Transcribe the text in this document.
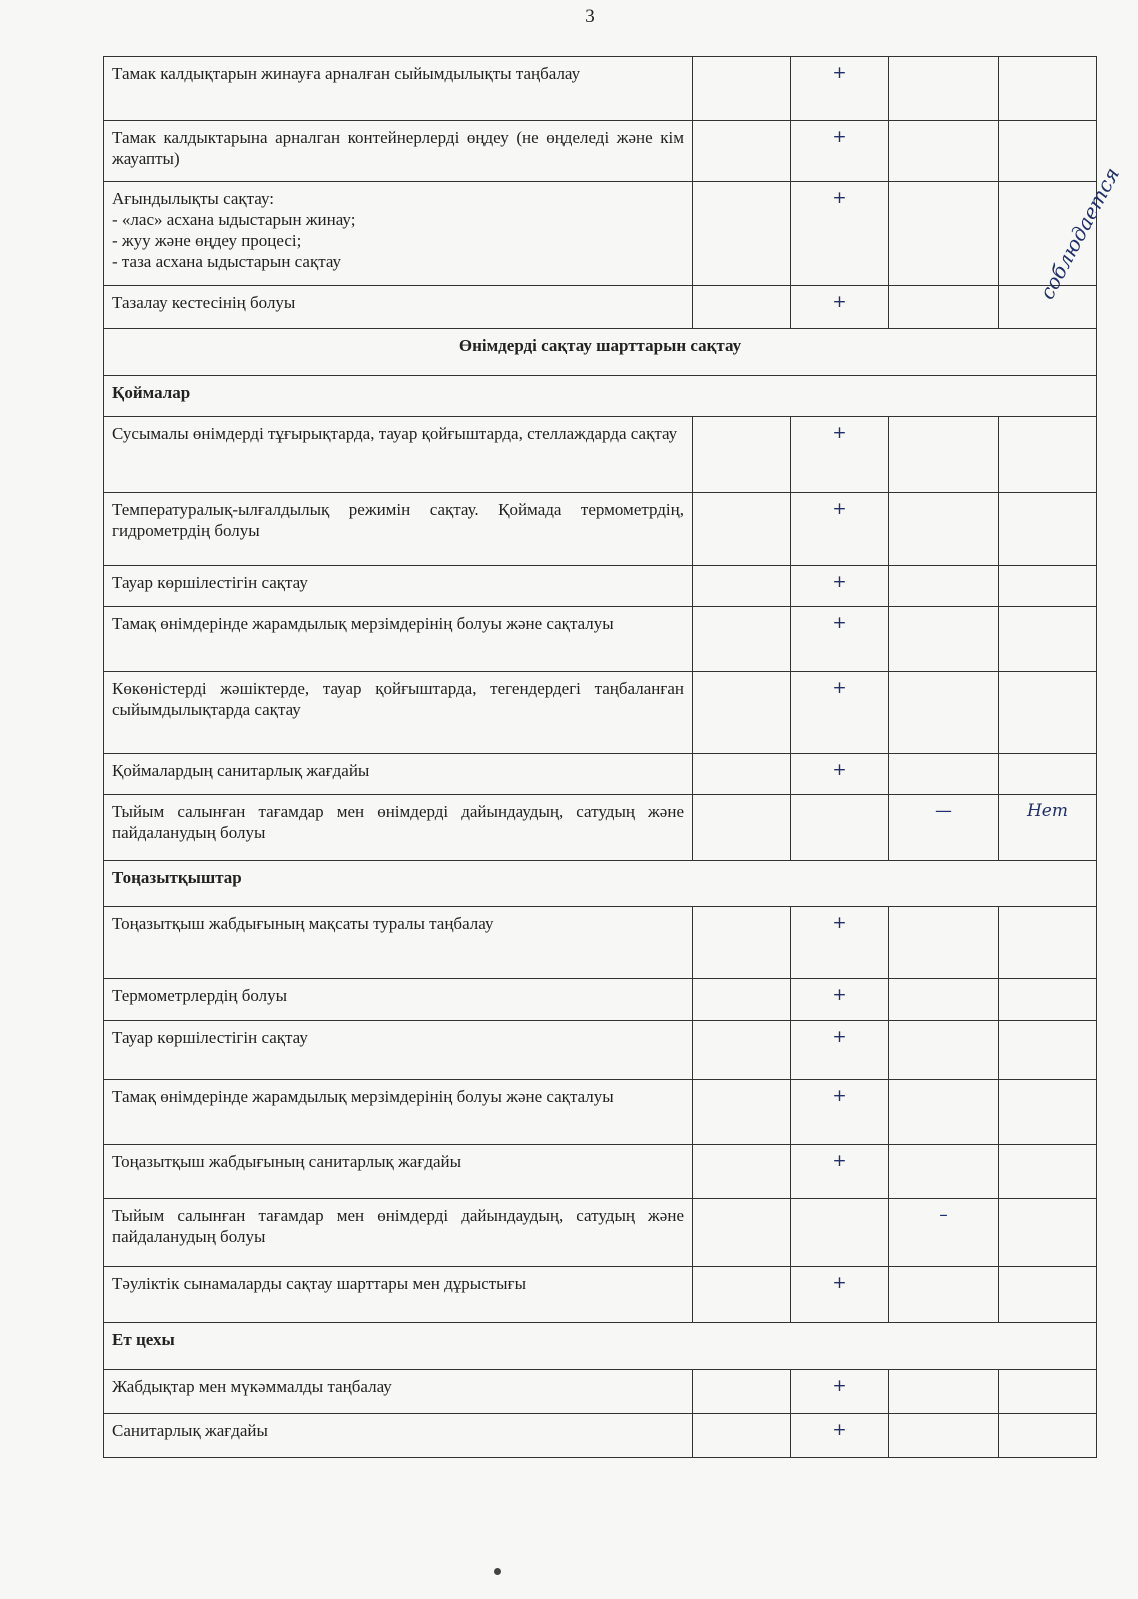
3
Тамак калдықтарын жинауға арналған сыйымдылықты таңбалау		+		
Тамак калдыктарына арналган контейнерлерді өңдеу (не өңделеді және кім жауапты)		+		

Ағындылықты сақтау:
- «лас» асхана ыдыстарын жинау;
- жуу және өңдеу процесі;
- таза асхана ыдыстарын сақтау		+		соблюдается
Тазалау кестесінің болуы		+		
Өнімдерді сақтау шарттарын сақтау				
Қоймалар				
Сусымалы өнімдерді тұғырықтарда, тауар қойғыштарда, стеллаждарда сақтау		+		
Температуралық-ылғалдылық режимін сақтау. Қоймада термометрдің, гидрометрдің болуы		+		
Тауар көршілестігін сақтау		+		
Тамақ өнімдерінде жарамдылық мерзімдерінің болуы және сақталуы		+		
Көкөністерді жәшіктерде, тауар қойғыштарда, тегендердегі таңбаланған сыйымдылықтарда сақтау		+		
Қоймалардың санитарлық жағдайы		+		
Тыйым салынған тағамдар мен өнімдерді дайындаудың, сатудың және пайдаланудың болуы			—	Нет
Тоңазытқыштар				
Тоңазытқыш жабдығының мақсаты туралы таңбалау		+		
Термометрлердің болуы		+		
Тауар көршілестігін сақтау		+		
Тамақ өнімдерінде жарамдылық мерзімдерінің болуы және сақталуы		+		
Тоңазытқыш жабдығының санитарлық жағдайы		+		
Тыйым салынған тағамдар мен өнімдерді дайындаудың, сатудың және пайдаланудың болуы			–	
Тәуліктік сынамаларды сақтау шарттары мен дұрыстығы		+		
Ет цехы				
Жабдықтар мен мүкәммалды таңбалау		+		
Санитарлық жағдайы		+		
